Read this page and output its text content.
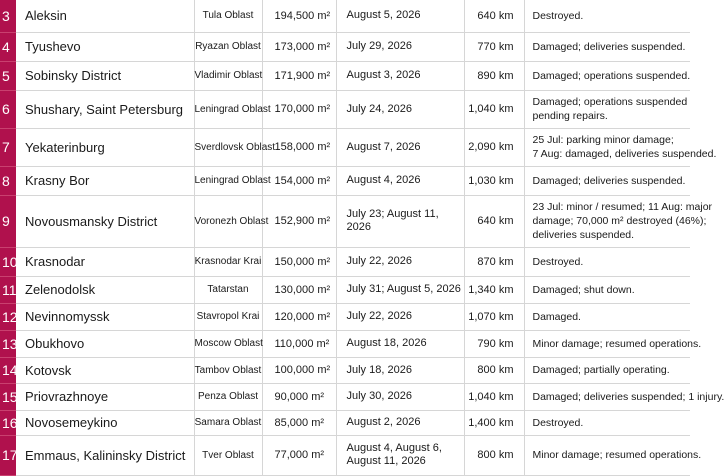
3	Aleksin	Tula Oblast	194,500 m²	August 5, 2026	640 km	Destroyed.

4	Tyushevo	Ryazan Oblast	173,000 m²	July 29, 2026	770 km	Damaged; deliveries suspended.

5	Sobinsky District	Vladimir Oblast	171,900 m²	August 3, 2026	890 km	Damaged; operations suspended.

6	Shushary, Saint Petersburg	Leningrad Oblast	170,000 m²	July 24, 2026	1,040 km	Damaged; operations suspended
pending repairs.

7	Yekaterinburg	Sverdlovsk Oblast	158,000 m²	August 7, 2026	2,090 km	25 Jul: parking minor damage;
7 Aug: damaged, deliveries suspended.

8	Krasny Bor	Leningrad Oblast	154,000 m²	August 4, 2026	1,030 km	Damaged; deliveries suspended.

9	Novousmansky District	Voronezh Oblast	152,900 m²	July 23; August 11, 2026	640 km	23 Jul: minor / resumed; 11 Aug: major
damage; 70,000 m² destroyed (46%);
deliveries suspended.

10	Krasnodar	Krasnodar Krai	150,000 m²	July 22, 2026	870 km	Destroyed.

11	Zelenodolsk	Tatarstan	130,000 m²	July 31; August 5, 2026	1,340 km	Damaged; shut down.

12	Nevinnomyssk	Stavropol Krai	120,000 m²	July 22, 2026	1,070 km	Damaged.

13	Obukhovo	Moscow Oblast	110,000 m²	August 18, 2026	790 km	Minor damage; resumed operations.

14	Kotovsk	Tambov Oblast	100,000 m²	July 18, 2026	800 km	Damaged; partially operating.

15	Priovrazhnoye	Penza Oblast	90,000 m²	July 30, 2026	1,040 km	Damaged; deliveries suspended; 1 injury.

16	Novosemeykino	Samara Oblast	85,000 m²	August 2, 2026	1,400 km	Destroyed.

17	Emmaus, Kalininsky District	Tver Oblast	77,000 m²	August 4, August 6, August 11, 2026	800 km	Minor damage; resumed operations.
